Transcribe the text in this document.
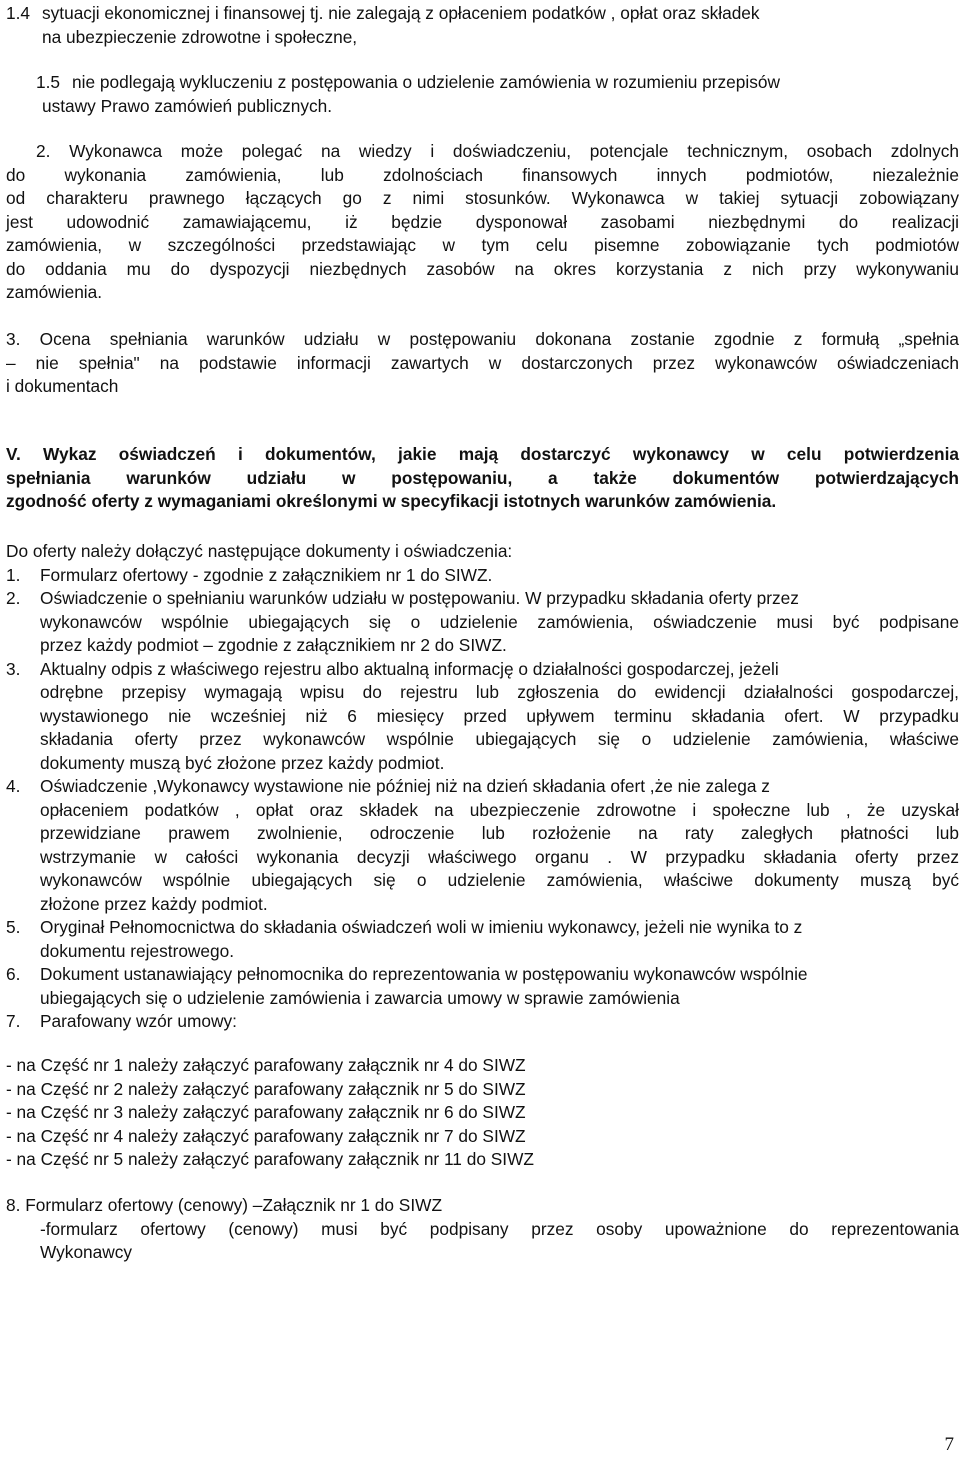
1.4 sytuacji ekonomicznej i finansowej tj. nie zalegają z opłaceniem podatków , opłat oraz składek
na ubezpieczenie zdrowotne i społeczne,
1.5 nie podlegają wykluczeniu z postępowania o udzielenie zamówienia w rozumieniu przepisów
ustawy Prawo zamówień publicznych.
2. Wykonawca może polegać na wiedzy i doświadczeniu, potencjale technicznym, osobach zdolnych
do wykonania zamówienia, lub zdolnościach finansowych innych podmiotów, niezależnie
od charakteru prawnego łączących go z nimi stosunków. Wykonawca w takiej sytuacji zobowiązany
jest udowodnić zamawiającemu, iż będzie dysponował zasobami niezbędnymi do realizacji
zamówienia, w szczególności przedstawiając w tym celu pisemne zobowiązanie tych podmiotów
do oddania mu do dyspozycji niezbędnych zasobów na okres korzystania z nich przy wykonywaniu
zamówienia.
3. Ocena spełniania warunków udziału w postępowaniu dokonana zostanie zgodnie z formułą „spełnia
– nie spełnia" na podstawie informacji zawartych w dostarczonych przez wykonawców oświadczeniach
i dokumentach
V. Wykaz oświadczeń i dokumentów, jakie mają dostarczyć wykonawcy w celu potwierdzenia
spełniania warunków udziału w postępowaniu, a także dokumentów potwierdzających
zgodność oferty z wymaganiami określonymi w specyfikacji istotnych warunków zamówienia.
Do oferty należy dołączyć następujące dokumenty i oświadczenia:
1. Formularz ofertowy - zgodnie z załącznikiem nr 1 do SIWZ.
2. Oświadczenie o spełnianiu warunków udziału w postępowaniu. W przypadku składania oferty przez
wykonawców wspólnie ubiegających się o udzielenie zamówienia, oświadczenie musi być podpisane
przez każdy podmiot – zgodnie z załącznikiem nr 2 do SIWZ.
3. Aktualny odpis z właściwego rejestru albo aktualną informację o działalności gospodarczej, jeżeli
odrębne przepisy wymagają wpisu do rejestru lub zgłoszenia do ewidencji działalności gospodarczej,
wystawionego nie wcześniej niż 6 miesięcy przed upływem terminu składania ofert. W przypadku
składania oferty przez wykonawców wspólnie ubiegających się o udzielenie zamówienia, właściwe
dokumenty muszą być złożone przez każdy podmiot.
4. Oświadczenie ,Wykonawcy wystawione nie później niż na dzień składania ofert ,że nie zalega z
opłaceniem podatków , opłat oraz składek na ubezpieczenie zdrowotne i społeczne lub , że uzyskał
przewidziane prawem zwolnienie, odroczenie lub rozłożenie na raty zaległych płatności lub
wstrzymanie w całości wykonania decyzji właściwego organu . W przypadku składania oferty przez
wykonawców wspólnie ubiegających się o udzielenie zamówienia, właściwe dokumenty muszą być
złożone przez każdy podmiot.
5. Oryginał Pełnomocnictwa do składania oświadczeń woli w imieniu wykonawcy, jeżeli nie wynika to z
dokumentu rejestrowego.
6. Dokument ustanawiający pełnomocnika do reprezentowania w postępowaniu wykonawców wspólnie
ubiegających się o udzielenie zamówienia i zawarcia umowy w sprawie zamówienia
7. Parafowany wzór umowy:
- na Część nr 1 należy załączyć parafowany załącznik nr 4 do SIWZ
- na Część nr 2 należy załączyć parafowany załącznik nr 5 do SIWZ
- na Część nr 3 należy załączyć parafowany załącznik nr 6 do SIWZ
- na Część nr 4 należy załączyć parafowany załącznik nr 7 do SIWZ
- na Część nr 5 należy załączyć parafowany załącznik nr 11 do SIWZ
8. Formularz ofertowy (cenowy) –Załącznik nr 1 do SIWZ
-formularz ofertowy (cenowy) musi być podpisany przez osoby upoważnione do reprezentowania
Wykonawcy
7
